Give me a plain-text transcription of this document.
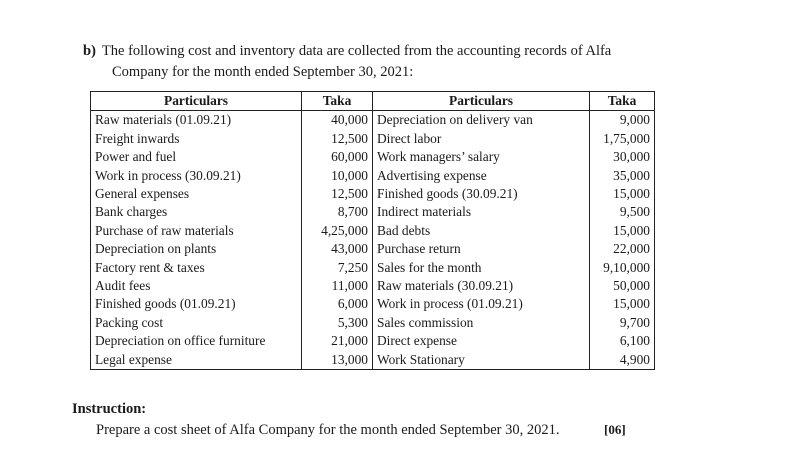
b) The following cost and inventory data are collected from the accounting records of Alfa
Company for the month ended September 30, 2021:
Particulars	Taka	Particulars	Taka
Raw materials (01.09.21)	40,000	Depreciation on delivery van	9,000
Freight inwards	12,500	Direct labor	1,75,000
Power and fuel	60,000	Work managers’ salary	30,000
Work in process (30.09.21)	10,000	Advertising expense	35,000
General expenses	12,500	Finished goods (30.09.21)	15,000
Bank charges	8,700	Indirect materials	9,500
Purchase of raw materials	4,25,000	Bad debts	15,000
Depreciation on plants	43,000	Purchase return	22,000
Factory rent & taxes	7,250	Sales for the month	9,10,000
Audit fees	11,000	Raw materials (30.09.21)	50,000
Finished goods (01.09.21)	6,000	Work in process (01.09.21)	15,000
Packing cost	5,300	Sales commission	9,700
Depreciation on office furniture	21,000	Direct expense	6,100
Legal expense	13,000	Work Stationary	4,900
Instruction:
Prepare a cost sheet of Alfa Company for the month ended September 30, 2021.	[06]
